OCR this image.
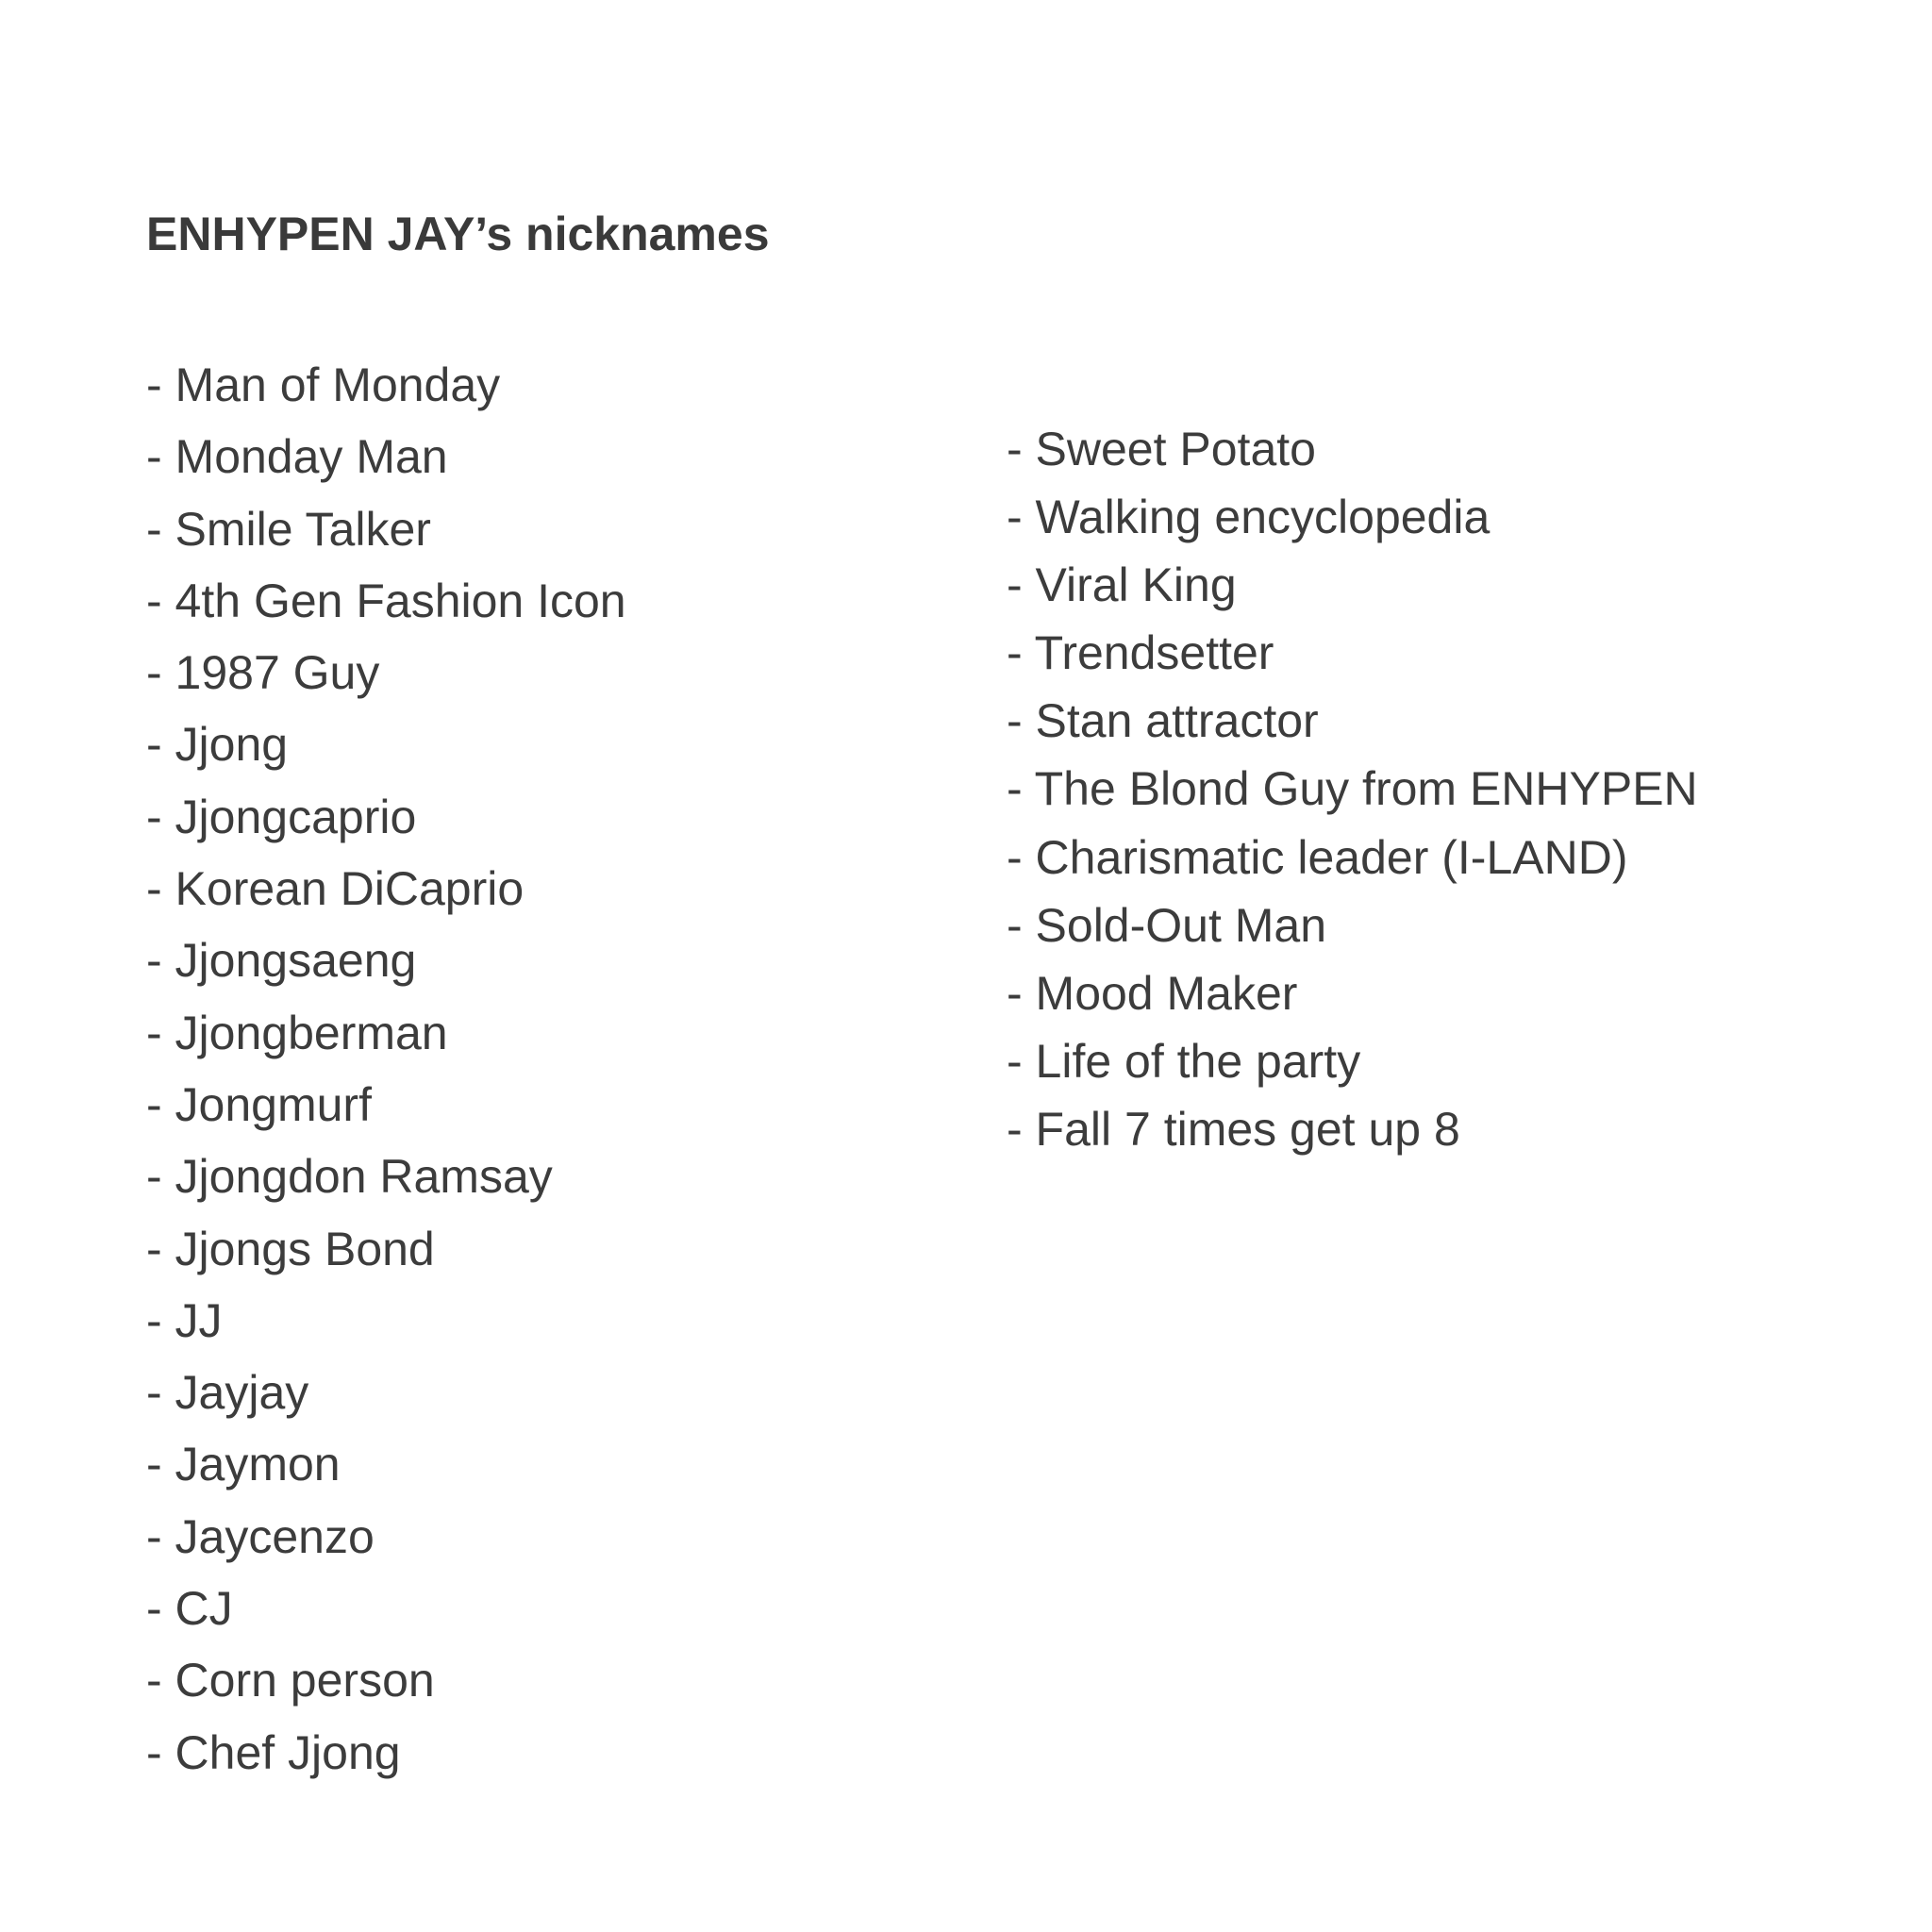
ENHYPEN JAY’s nicknames
- Man of Monday
- Monday Man
- Smile Talker
- 4th Gen Fashion Icon
- 1987 Guy
- Jjong
- Jjongcaprio
- Korean DiCaprio
- Jjongsaeng
- Jjongberman
- Jongmurf
- Jjongdon Ramsay
- Jjongs Bond
- JJ
- Jayjay
- Jaymon
- Jaycenzo
- CJ
- Corn person
- Chef Jjong
- Sweet Potato
- Walking encyclopedia
- Viral King
- Trendsetter
- Stan attractor
- The Blond Guy from ENHYPEN
- Charismatic leader (I-LAND)
- Sold-Out Man
- Mood Maker
- Life of the party
- Fall 7 times get up 8
